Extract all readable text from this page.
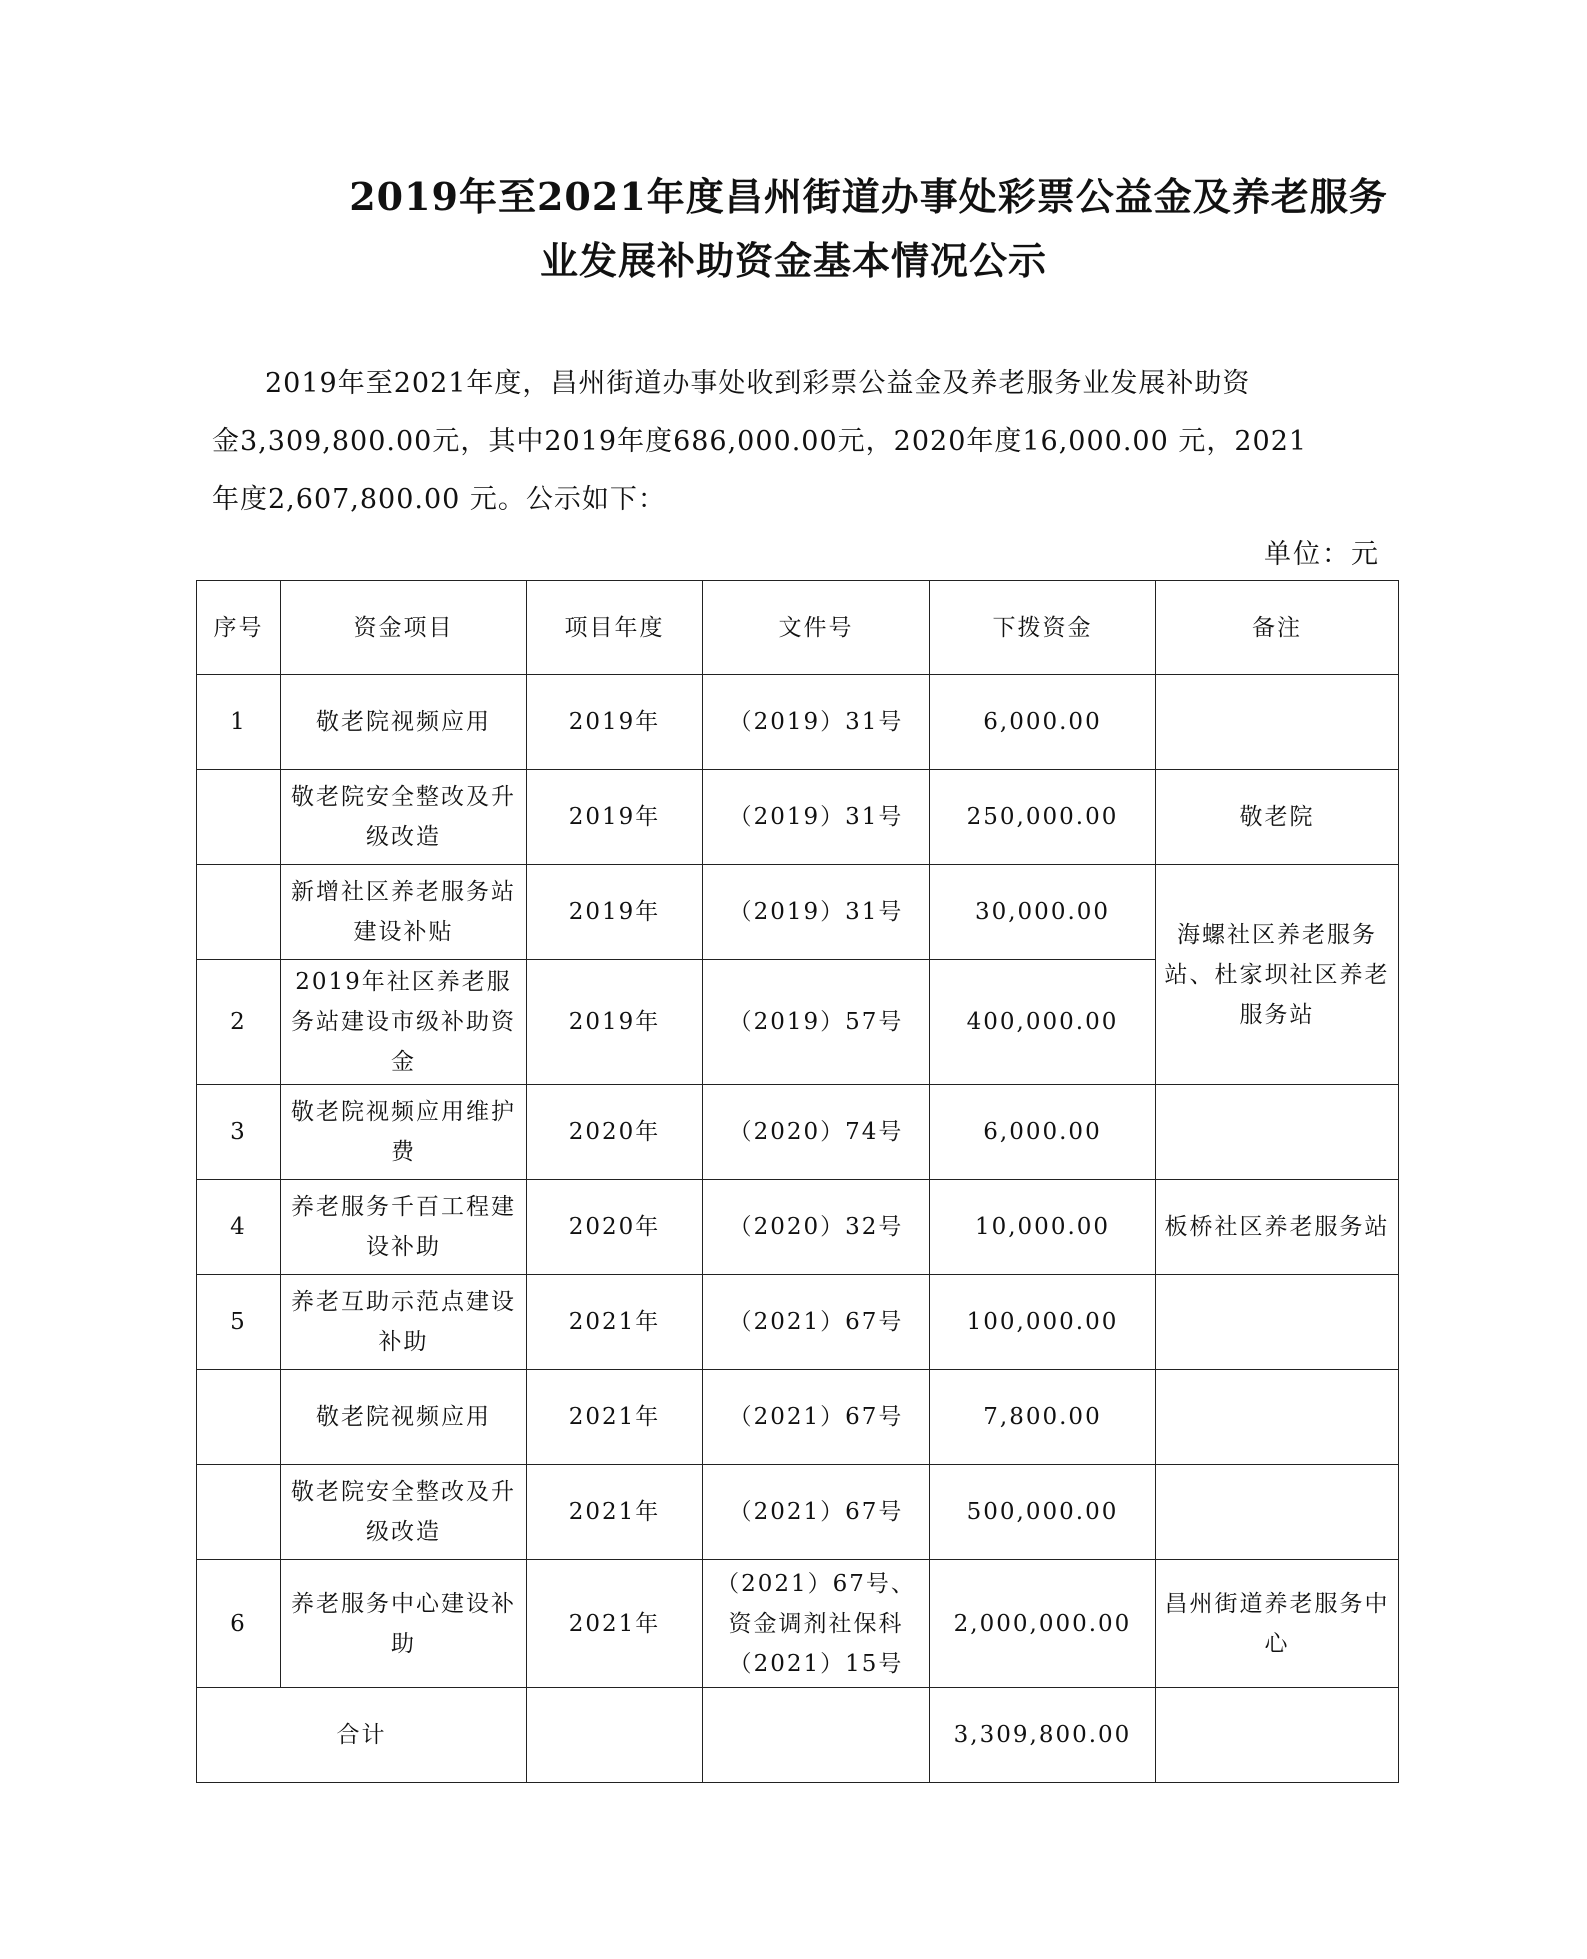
2019年至2021年度昌州街道办事处彩票公益金及养老服务
业发展补助资金基本情况公示

2019年至2021年度，昌州街道办事处收到彩票公益金及养老服务业发展补助资

金3,309,800.00元，其中2019年度686,000.00元，2020年度16,000.00 元，2021

年度2,607,800.00 元。公示如下：

单位：元
序号	资金项目	项目年度	文件号	下拨资金	备注
1	敬老院视频应用	2019年	（2019）31号	6,000.00	
	敬老院安全整改及升级改造	2019年	（2019）31号	250,000.00	敬老院
	新增社区养老服务站建设补贴	2019年	（2019）31号	30,000.00	海螺社区养老服务站、杜家坝社区养老服务站
2	2019年社区养老服务站建设市级补助资金	2019年	（2019）57号	400,000.00	
3	敬老院视频应用维护费	2020年	（2020）74号	6,000.00	
4	养老服务千百工程建设补助	2020年	（2020）32号	10,000.00	板桥社区养老服务站
5	养老互助示范点建设补助	2021年	（2021）67号	100,000.00	
	敬老院视频应用	2021年	（2021）67号	7,800.00	
	敬老院安全整改及升级改造	2021年	（2021）67号	500,000.00	
6	养老服务中心建设补助	2021年	（2021）67号、资金调剂社保科（2021）15号	2,000,000.00	昌州街道养老服务中心
合计				3,309,800.00	
